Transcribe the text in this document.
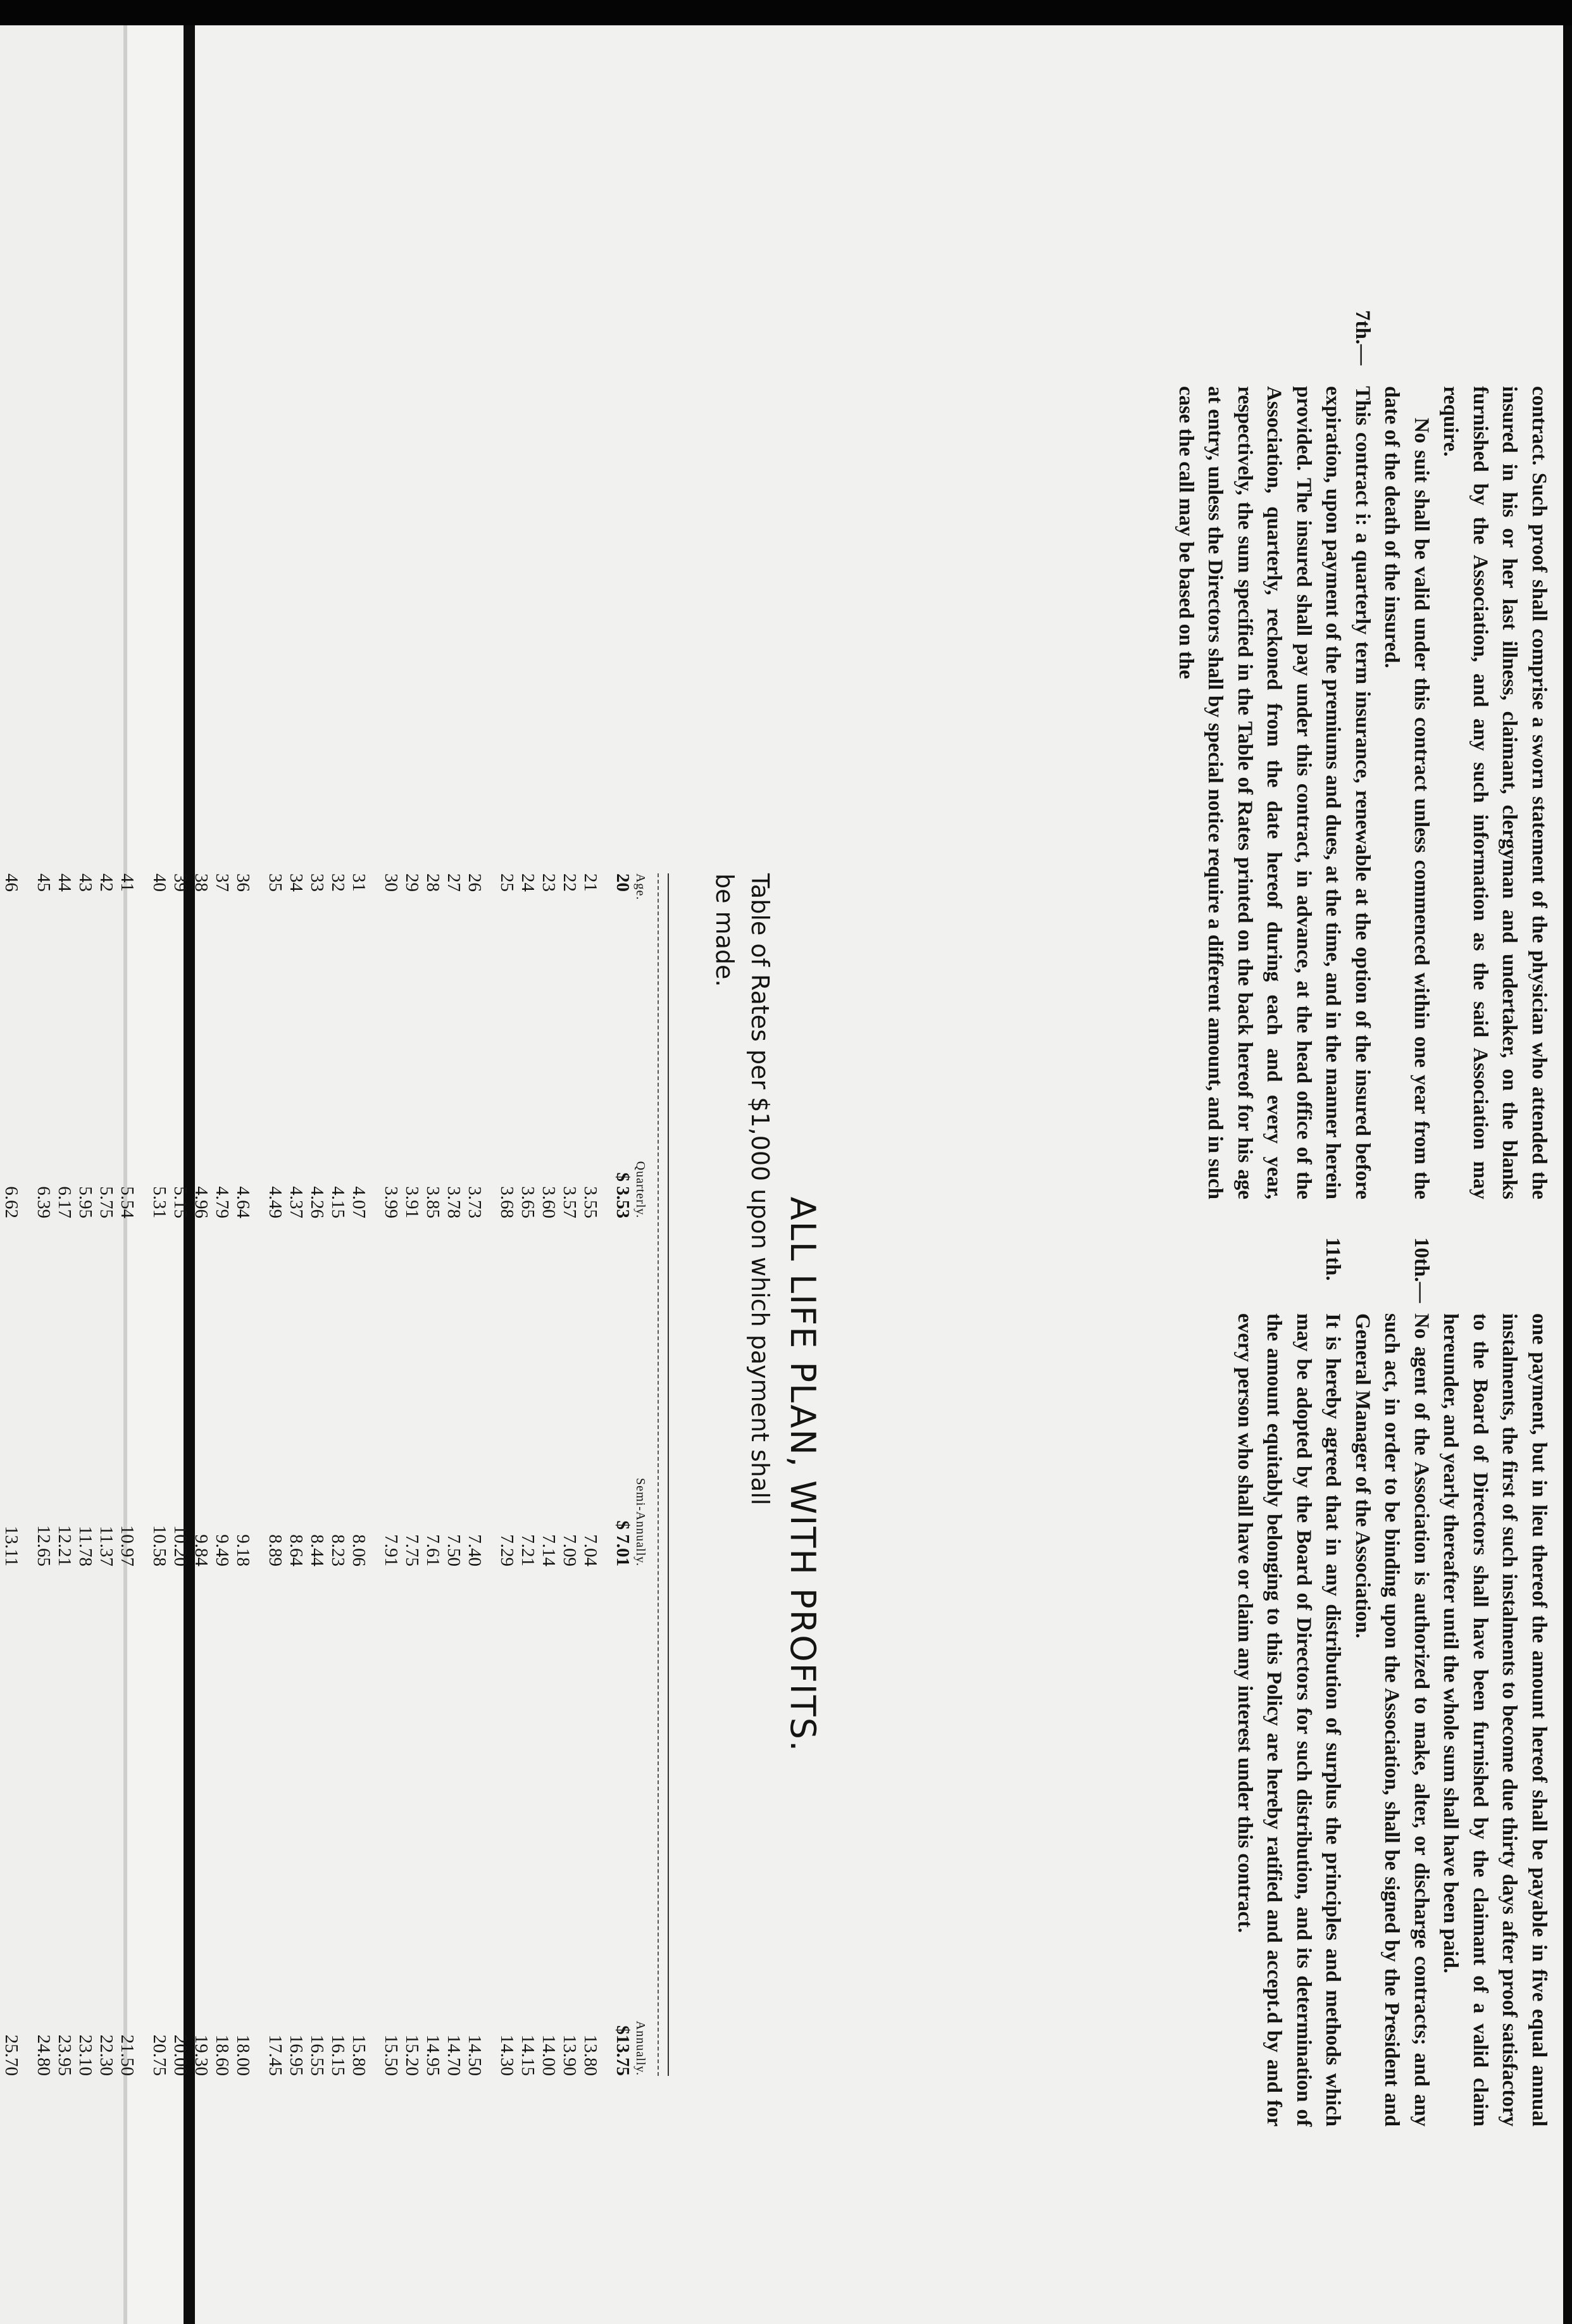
contract. Such proof shall comprise a sworn statement of the physician who attended the insured in his or her last illness, claimant, clergyman and undertaker, on the blanks furnished by the Association, and any such information as the said Association may require.

No suit shall be valid under this contract unless commenced within one year from the date of the death of the insured.

7th.—This contract i: a quarterly term insurance, renewable at the option of the insured before expiration, upon payment of the premiums and dues, at the time, and in the manner herein provided. The insured shall pay under this contract, in advance, at the head office of the Association, quarterly, reckoned from the date hereof during each and every year, respectively, the sum specified in the Table of Rates printed on the back hereof for his age at entry, unless the Directors shall by special notice require a different amount, and in such case the call may be based on the

one payment, but in lieu thereof the amount hereof shall be payable in five equal annual instalments, the first of such instalments to become due thirty days after proof satisfactory to the Board of Directors shall have been furnished by the claimant of a valid claim hereunder, and yearly thereafter until the whole sum shall have been paid.

10th.—No agent of the Association is authorized to make, alter, or discharge contracts; and any such act, in order to be binding upon the Association, shall be signed by the President and General Manager of the Association.

11th.It is hereby agreed that in any distribution of surplus the principles and methods which may be adopted by the Board of Directors for such distribution, and its determination of the amount equitably belonging to this Policy are hereby ratified and accept.d by and for every person who shall have or claim any interest under this contract.

ALL LIFE PLAN, WITH PROFITS.
Table of Rates per $1,000 upon which payment shall be made.
Age.	Quarterly.	Semi-Annually.	Annually.
20	$ 3.53	$ 7.01	$13.75

21	3.55	7.04	13.80
22	3.57	7.09	13.90
23	3.60	7.14	14.00
24	3.65	7.21	14.15
25	3.68	7.29	14.30

26	3.73	7.40	14.50
27	3.78	7.50	14.70
28	3.85	7.61	14.95
29	3.91	7.75	15.20
30	3.99	7.91	15.50

31	4.07	8.06	15.80
32	4.15	8.23	16.15
33	4.26	8.44	16.55
34	4.37	8.64	16.95
35	4.49	8.89	17.45

36	4.64	9.18	18.00
37	4.79	9.49	18.60
38	4.96	9.84	19.30
39	5.15	10.20	20.00
40	5.31	10.58	20.75

41	5.54	10.97	21.50
42	5.75	11.37	22.30
43	5.95	11.78	23.10
44	6.17	12.21	23.95
45	6.39	12.65	24.80

46	6.62	13.11	25.70
